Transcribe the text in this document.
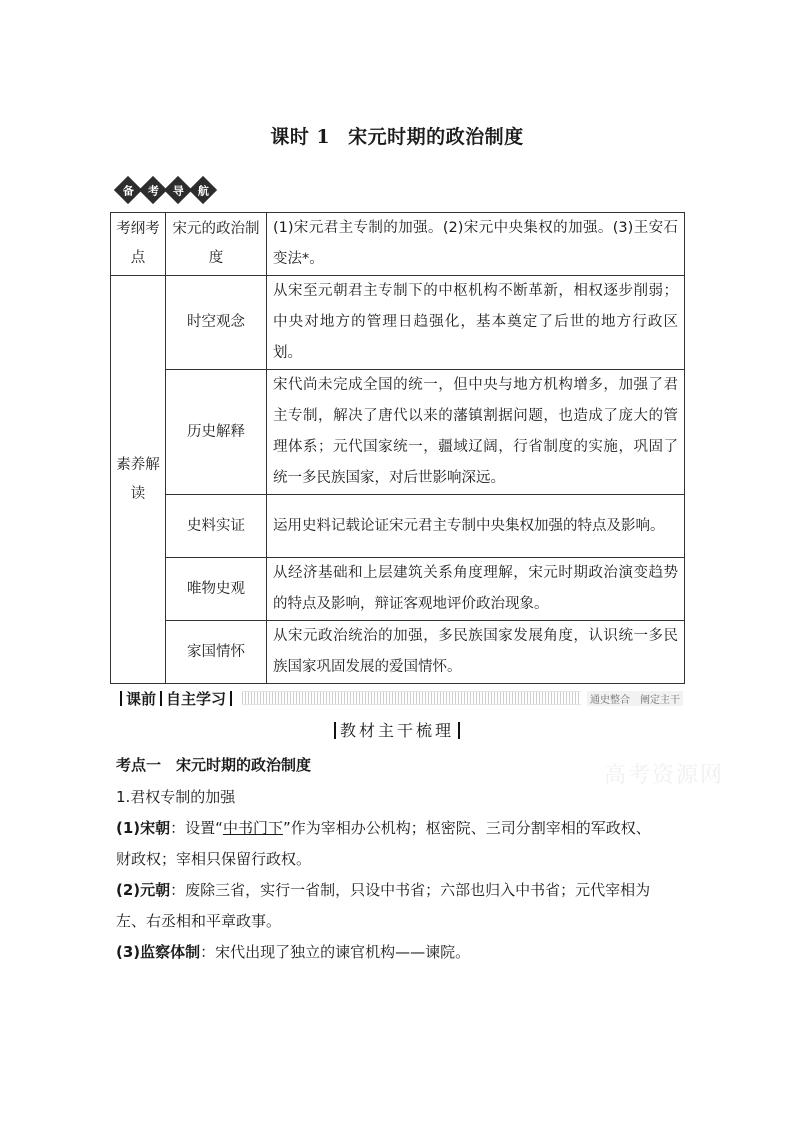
课时 1 宋元时期的政治制度
备 考 导 航
考纲考点	宋元的政治制度	(1)宋元君主专制的加强。(2)宋元中央集权的加强。(3)王安石变法*。
素养解读	时空观念	从宋至元朝君主专制下的中枢机构不断革新，相权逐步削弱；中央对地方的管理日趋强化，基本奠定了后世的地方行政区划。
	历史解释	宋代尚未完成全国的统一，但中央与地方机构增多，加强了君主专制，解决了唐代以来的藩镇割据问题，也造成了庞大的管理体系；元代国家统一，疆域辽阔，行省制度的实施，巩固了统一多民族国家，对后世影响深远。
	史料实证	运用史料记载论证宋元君主专制中央集权加强的特点及影响。
	唯物史观	从经济基础和上层建筑关系角度理解，宋元时期政治演变趋势的特点及影响，辩证客观地评价政治现象。
	家国情怀	从宋元政治统治的加强，多民族国家发展角度，认识统一多民族国家巩固发展的爱国情怀。
课前 自主学习	通史整合　阐定主干
教材主干梳理
高考资源网
考点一　宋元时期的政治制度
1.君权专制的加强
(1)宋朝：设置“中书门下”作为宰相办公机构；枢密院、三司分割宰相的军政权、
财政权；宰相只保留行政权。
(2)元朝：废除三省，实行一省制，只设中书省；六部也归入中书省；元代宰相为
左、右丞相和平章政事。
(3)监察体制：宋代出现了独立的谏官机构——谏院。
